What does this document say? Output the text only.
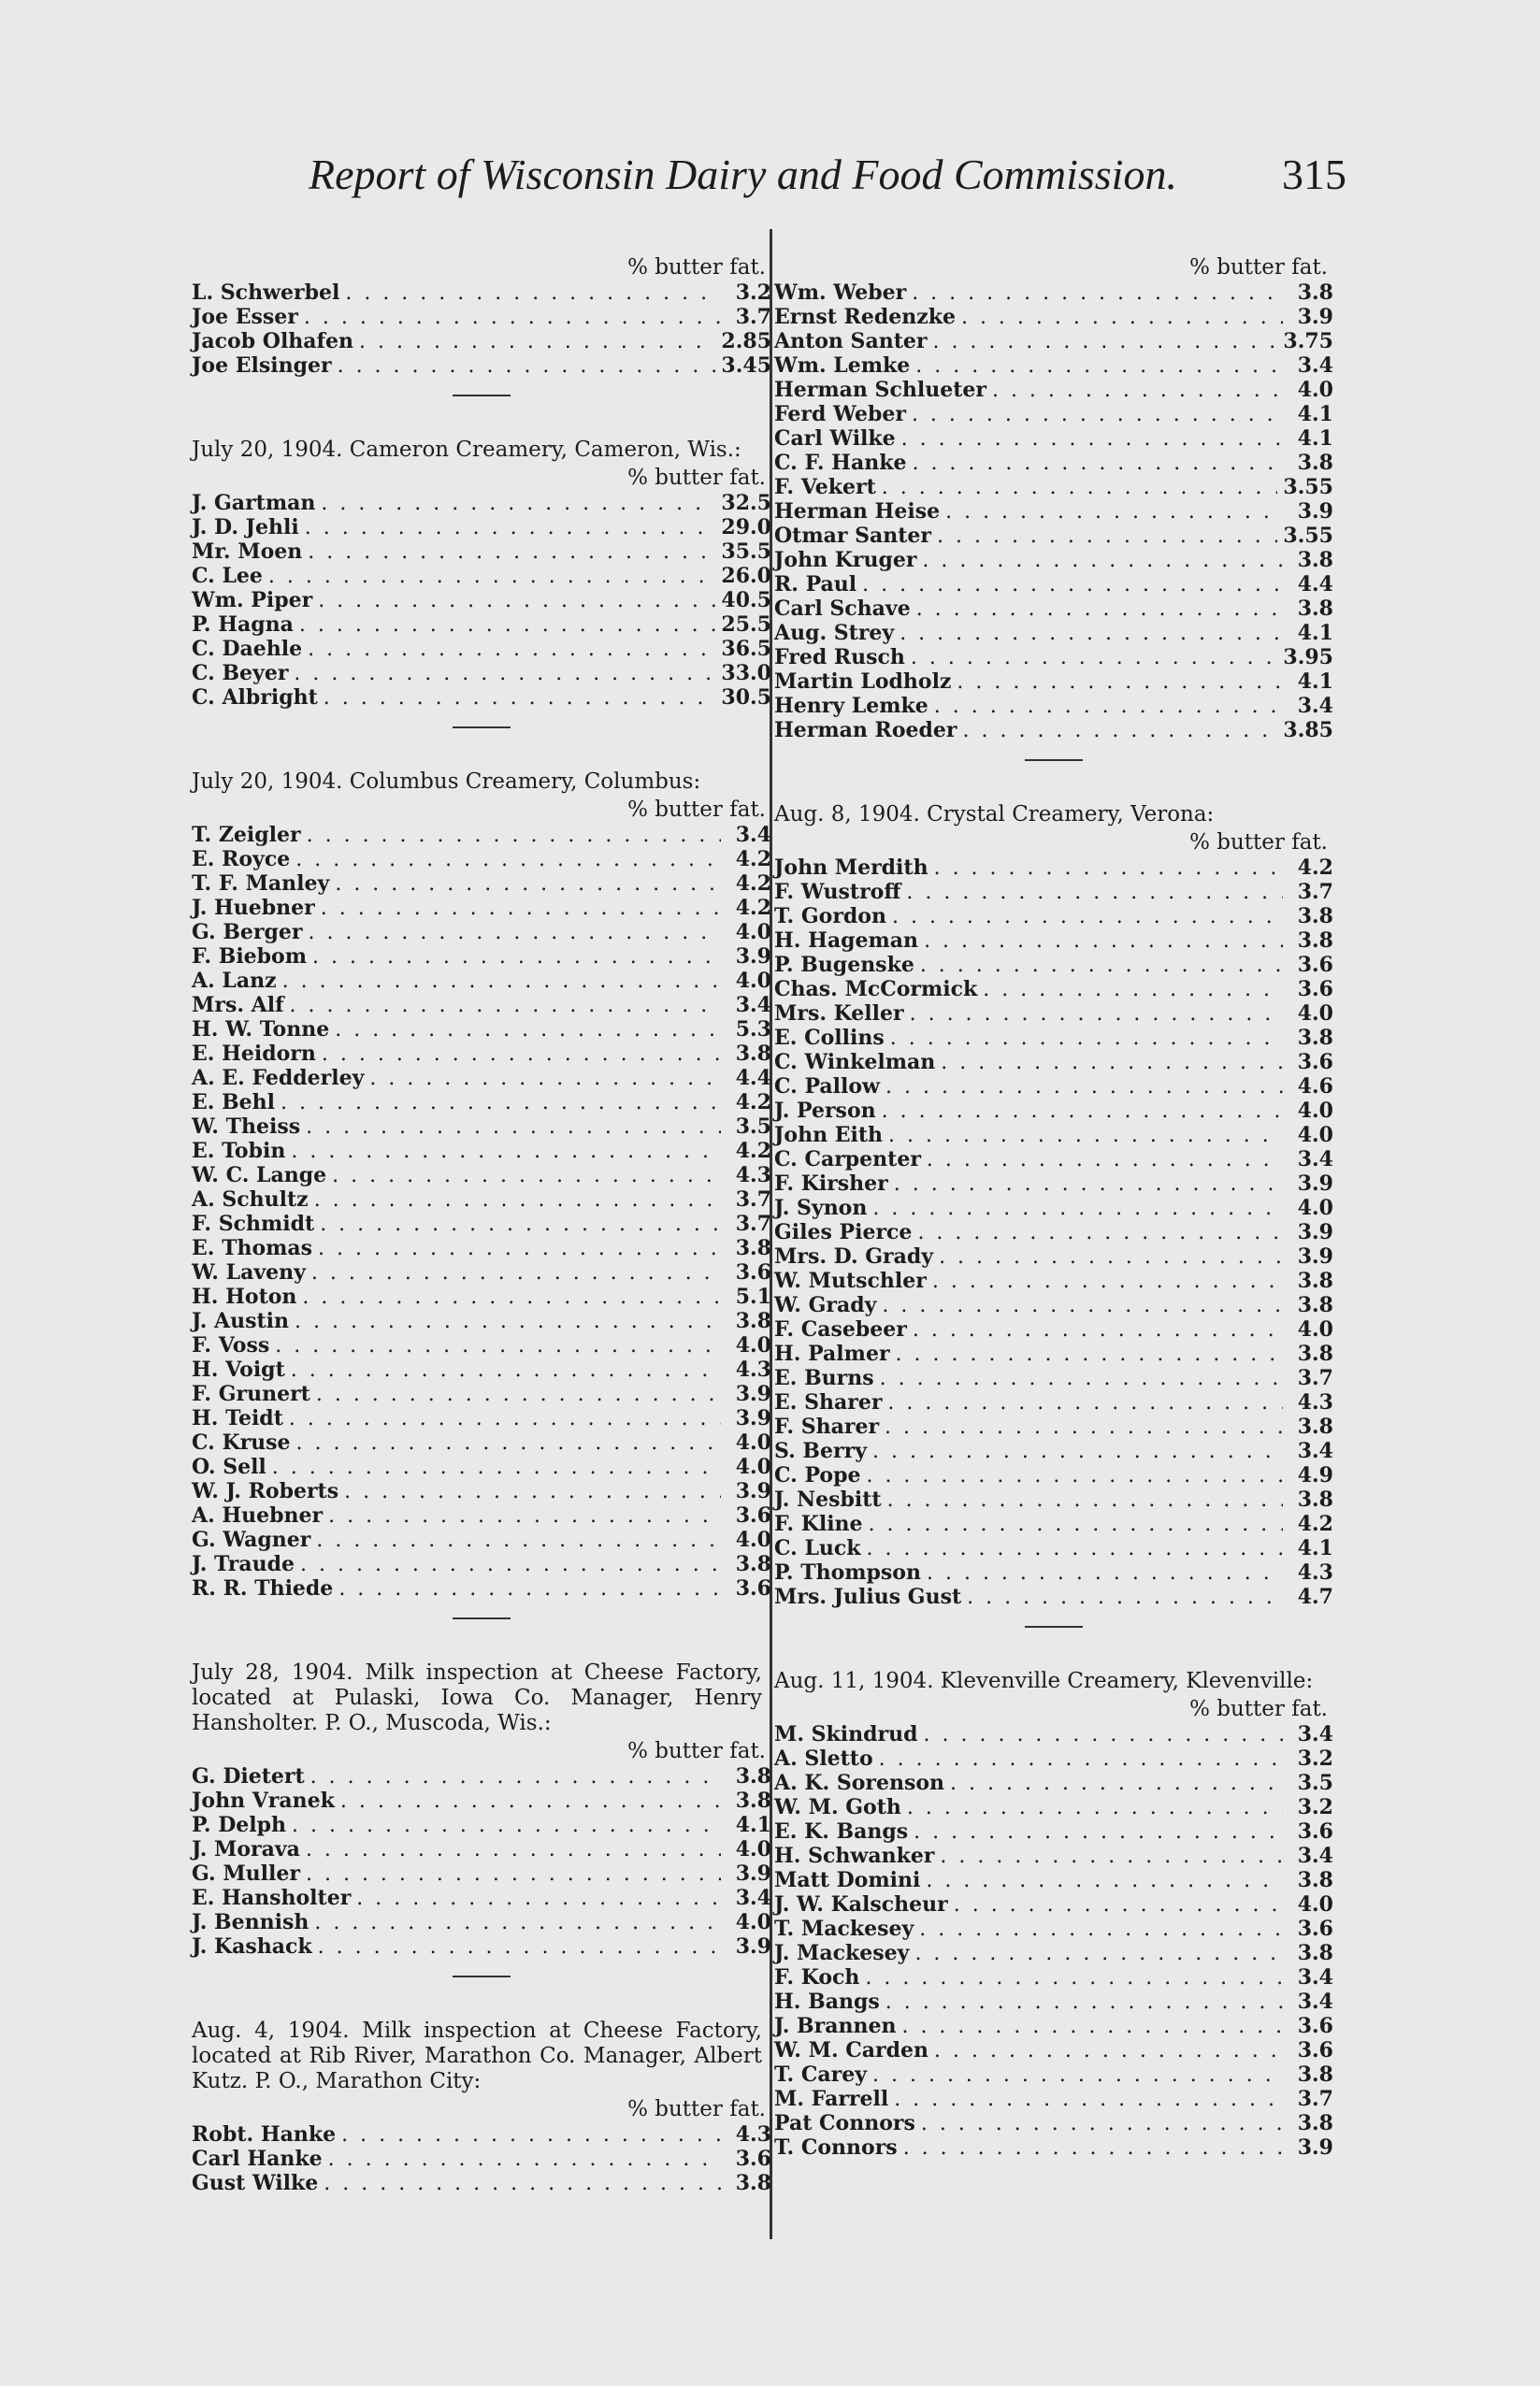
Report of Wisconsin Dairy and Food Commission. 315
% butter fat.
L. Schwerbel . . .	3.2
Joe Esser . . .	3.7
Jacob Olhafen . . .	2.85
Joe Elsinger . . .	3.45
July 20, 1904. Cameron Creamery, Cameron, Wis.:
% butter fat.
J. Gartman . . .	32.5
J. D. Jehli . . .	29.0
Mr. Moen . . .	35.5
C. Lee . . .	26.0
Wm. Piper . . .	40.5
P. Hagna . . .	25.5
C. Daehle . . .	36.5
C. Beyer . . .	33.0
C. Albright . . .	30.5
July 20, 1904. Columbus Creamery, Columbus:
% butter fat.
T. Zeigler . . .	3.4
E. Royce . . .	4.2
T. F. Manley . . .	4.2
J. Huebner . . .	4.2
G. Berger . . .	4.0
F. Biebom . . .	3.9
A. Lanz . . .	4.0
Mrs. Alf . . .	3.4
H. W. Tonne . . .	5.3
E. Heidorn . . .	3.8
A. E. Fedderley . . .	4.4
E. Behl . . .	4.2
W. Theiss . . .	3.5
E. Tobin . . .	4.2
W. C. Lange . . .	4.3
A. Schultz . . .	3.7
F. Schmidt . . .	3.7
E. Thomas . . .	3.8
W. Laveny . . .	3.6
H. Hoton . . .	5.1
J. Austin . . .	3.8
F. Voss . . .	4.0
H. Voigt . . .	4.3
F. Grunert . . .	3.9
H. Teidt . . .	3.9
C. Kruse . . .	4.0
O. Sell . . .	4.0
W. J. Roberts . . .	3.9
A. Huebner . . .	3.6
G. Wagner . . .	4.0
J. Traude . . .	3.8
R. R. Thiede . . .	3.6
July 28, 1904. Milk inspection at Cheese Factory, located at Pulaski, Iowa Co. Manager, Henry Hansholter. P. O., Muscoda, Wis.:
% butter fat.
G. Dietert . . .	3.8
John Vranek . . .	3.8
P. Delph . . .	4.1
J. Morava . . .	4.0
G. Muller . . .	3.9
E. Hansholter . . .	3.4
J. Bennish . . .	4.0
J. Kashack . . .	3.9
Aug. 4, 1904. Milk inspection at Cheese Factory, located at Rib River, Marathon Co. Manager, Albert Kutz. P. O., Marathon City:
% butter fat.
Robt. Hanke . . .	4.3
Carl Hanke . . .	3.6
Gust Wilke . . .	3.8
% butter fat.
Wm. Weber . . .	3.8
Ernst Redenzke . . .	3.9
Anton Santer . . .	3.75
Wm. Lemke . . .	3.4
Herman Schlueter . . .	4.0
Ferd Weber . . .	4.1
Carl Wilke . . .	4.1
C. F. Hanke . . .	3.8
F. Vekert . . .	3.55
Herman Heise . . .	3.9
Otmar Santer . . .	3.55
John Kruger . . .	3.8
R. Paul . . .	4.4
Carl Schave . . .	3.8
Aug. Strey . . .	4.1
Fred Rusch . . .	3.95
Martin Lodholz . . .	4.1
Henry Lemke . . .	3.4
Herman Roeder . . .	3.85
Aug. 8, 1904. Crystal Creamery, Verona:
% butter fat.
John Merdith . . .	4.2
F. Wustroff . . .	3.7
T. Gordon . . .	3.8
H. Hageman . . .	3.8
P. Bugenske . . .	3.6
Chas. McCormick . . .	3.6
Mrs. Keller . . .	4.0
E. Collins . . .	3.8
C. Winkelman . . .	3.6
C. Pallow . . .	4.6
J. Person . . .	4.0
John Eith . . .	4.0
C. Carpenter . . .	3.4
F. Kirsher . . .	3.9
J. Synon . . .	4.0
Giles Pierce . . .	3.9
Mrs. D. Grady . . .	3.9
W. Mutschler . . .	3.8
W. Grady . . .	3.8
F. Casebeer . . .	4.0
H. Palmer . . .	3.8
E. Burns . . .	3.7
E. Sharer . . .	4.3
F. Sharer . . .	3.8
S. Berry . . .	3.4
C. Pope . . .	4.9
J. Nesbitt . . .	3.8
F. Kline . . .	4.2
C. Luck . . .	4.1
P. Thompson . . .	4.3
Mrs. Julius Gust . . .	4.7
Aug. 11, 1904. Klevenville Creamery, Klevenville:
% butter fat.
M. Skindrud . . .	3.4
A. Sletto . . .	3.2
A. K. Sorenson . . .	3.5
W. M. Goth . . .	3.2
E. K. Bangs . . .	3.6
H. Schwanker . . .	3.4
Matt Domini . . .	3.8
J. W. Kalscheur . . .	4.0
T. Mackesey . . .	3.6
J. Mackesey . . .	3.8
F. Koch . . .	3.4
H. Bangs . . .	3.4
J. Brannen . . .	3.6
W. M. Carden . . .	3.6
T. Carey . . .	3.8
M. Farrell . . .	3.7
Pat Connors . . .	3.8
T. Connors . . .	3.9
